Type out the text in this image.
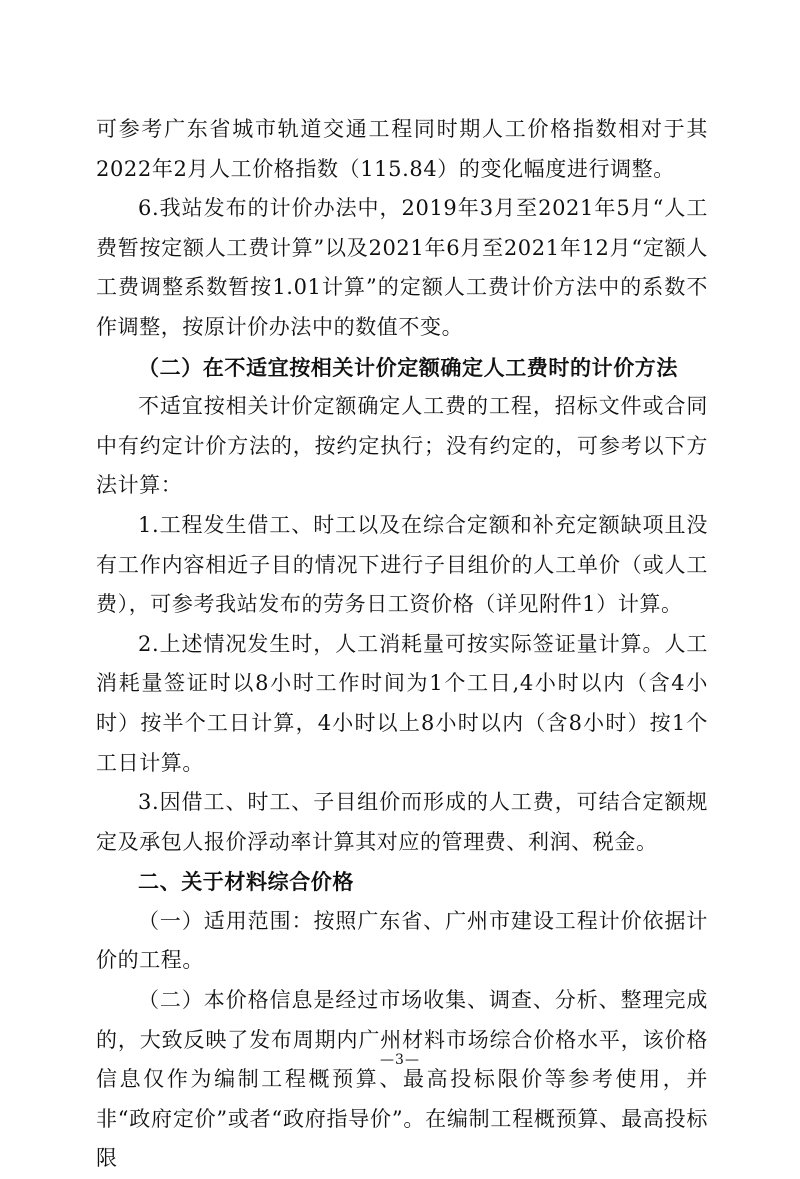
可参考广东省城市轨道交通工程同时期人工价格指数相对于其2022年2月人工价格指数（115.84）的变化幅度进行调整。

6.我站发布的计价办法中，2019年3月至2021年5月“人工费暂按定额人工费计算”以及2021年6月至2021年12月“定额人工费调整系数暂按1.01计算”的定额人工费计价方法中的系数不作调整，按原计价办法中的数值不变。

（二）在不适宜按相关计价定额确定人工费时的计价方法

不适宜按相关计价定额确定人工费的工程，招标文件或合同中有约定计价方法的，按约定执行；没有约定的，可参考以下方法计算：

1.工程发生借工、时工以及在综合定额和补充定额缺项且没有工作内容相近子目的情况下进行子目组价的人工单价（或人工费），可参考我站发布的劳务日工资价格（详见附件1）计算。

2.上述情况发生时，人工消耗量可按实际签证量计算。人工消耗量签证时以8小时工作时间为1个工日,4小时以内（含4小时）按半个工日计算，4小时以上8小时以内（含8小时）按1个工日计算。

3.因借工、时工、子目组价而形成的人工费，可结合定额规定及承包人报价浮动率计算其对应的管理费、利润、税金。

二、关于材料综合价格

（一）适用范围：按照广东省、广州市建设工程计价依据计价的工程。

（二）本价格信息是经过市场收集、调查、分析、整理完成的，大致反映了发布周期内广州材料市场综合价格水平，该价格信息仅作为编制工程概预算、最高投标限价等参考使用，并非“政府定价”或者“政府指导价”。在编制工程概预算、最高投标限

—3—
